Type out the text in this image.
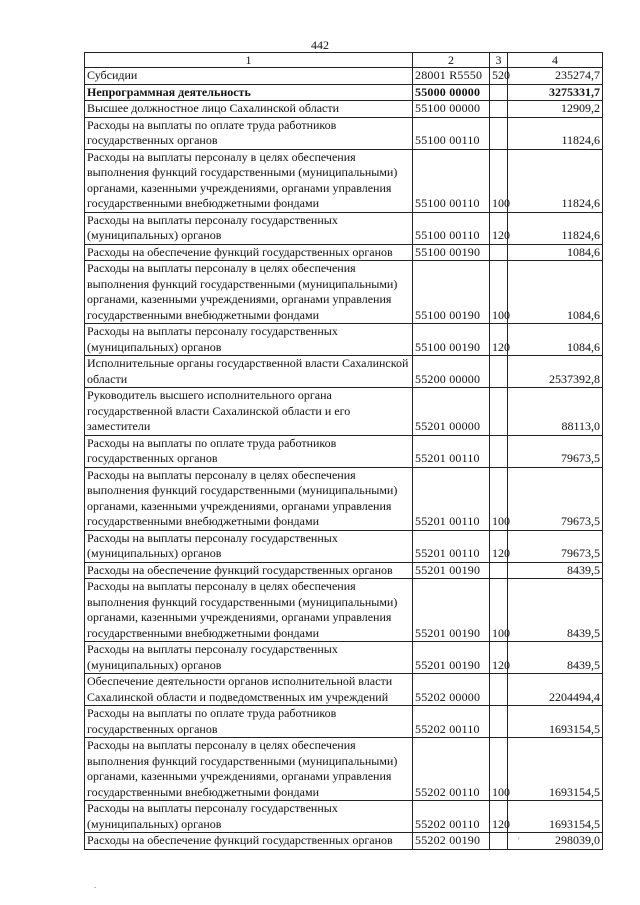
442
1	2	3	4
Субсидии	28001 R5550	520	235274,7
Непрограммная деятельность	55000 00000		3275331,7
Высшее должностное лицо Сахалинской области	55100 00000		12909,2
Расходы на выплаты по оплате труда работников государственных органов	55100 00110		11824,6
Расходы на выплаты персоналу в целях обеспечения выполнения функций государственными (муниципальными) органами, казенными учреждениями, органами управления государственными внебюджетными фондами	55100 00110	100	11824,6
Расходы на выплаты персоналу государственных (муниципальных) органов	55100 00110	120	11824,6
Расходы на обеспечение функций государственных органов	55100 00190		1084,6
Расходы на выплаты персоналу в целях обеспечения выполнения функций государственными (муниципальными) органами, казенными учреждениями, органами управления государственными внебюджетными фондами	55100 00190	100	1084,6
Расходы на выплаты персоналу государственных (муниципальных) органов	55100 00190	120	1084,6
Исполнительные органы государственной власти Сахалинской области	55200 00000		2537392,8
Руководитель высшего исполнительного органа государственной власти Сахалинской области и его заместители	55201 00000		88113,0
Расходы на выплаты по оплате труда работников государственных органов	55201 00110		79673,5
Расходы на выплаты персоналу в целях обеспечения выполнения функций государственными (муниципальными) органами, казенными учреждениями, органами управления государственными внебюджетными фондами	55201 00110	100	79673,5
Расходы на выплаты персоналу государственных (муниципальных) органов	55201 00110	120	79673,5
Расходы на обеспечение функций государственных органов	55201 00190		8439,5
Расходы на выплаты персоналу в целях обеспечения выполнения функций государственными (муниципальными) органами, казенными учреждениями, органами управления государственными внебюджетными фондами	55201 00190	100	8439,5
Расходы на выплаты персоналу государственных (муниципальных) органов	55201 00190	120	8439,5
Обеспечение деятельности органов исполнительной власти Сахалинской области и подведомственных им учреждений	55202 00000		2204494,4
Расходы на выплаты по оплате труда работников государственных органов	55202 00110		1693154,5
Расходы на выплаты персоналу в целях обеспечения выполнения функций государственными (муниципальными) органами, казенными учреждениями, органами управления государственными внебюджетными фондами	55202 00110	100	1693154,5
Расходы на выплаты персоналу государственных (муниципальных) органов	55202 00110	120	1693154,5
Расходы на обеспечение функций государственных органов	55202 00190		298039,0
'
.
